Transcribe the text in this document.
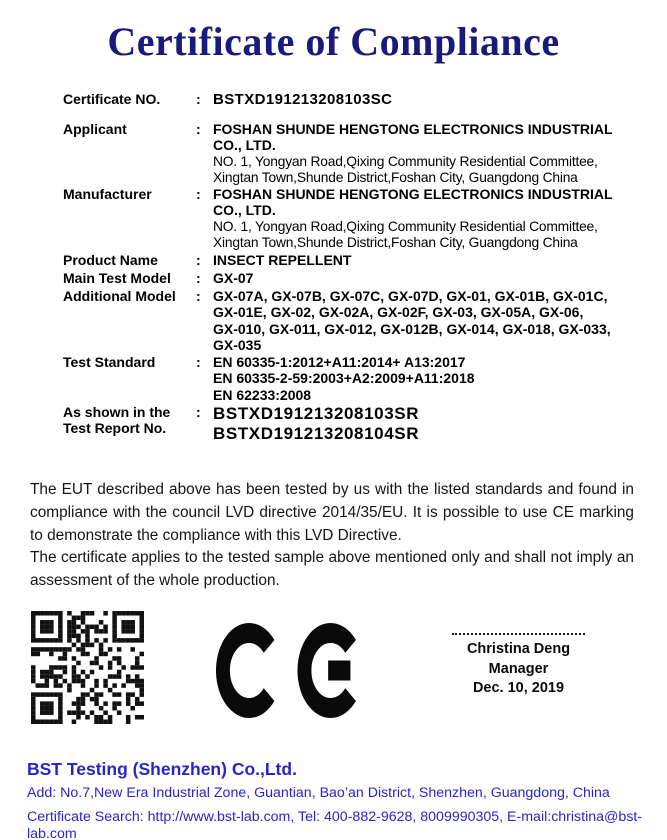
Certificate of Compliance
Certificate NO.	: BSTXD191213208103SC
Applicant	: FOSHAN SHUNDE HENGTONG ELECTRONICS INDUSTRIAL
CO., LTD.
NO. 1, Yongyan Road,Qixing Community Residential Committee,
Xingtan Town,Shunde District,Foshan City, Guangdong China
Manufacturer	: FOSHAN SHUNDE HENGTONG ELECTRONICS INDUSTRIAL
CO., LTD.
NO. 1, Yongyan Road,Qixing Community Residential Committee,
Xingtan Town,Shunde District,Foshan City, Guangdong China
Product Name	: INSECT REPELLENT
Main Test Model	: GX-07
Additional Model	: GX-07A, GX-07B, GX-07C, GX-07D, GX-01, GX-01B, GX-01C,
GX-01E, GX-02, GX-02A, GX-02F, GX-03, GX-05A, GX-06,
GX-010, GX-011, GX-012, GX-012B, GX-014, GX-018, GX-033,
GX-035
Test Standard	: EN 60335-1:2012+A11:2014+ A13:2017
EN 60335-2-59:2003+A2:2009+A11:2018
EN 62233:2008
As shown in the
Test Report No.
: BSTXD191213208103SR
BSTXD191213208104SR

The EUT described above has been tested by us with the listed standards and found in compliance with the council LVD directive 2014/35/EU. It is possible to use CE marking to demonstrate the compliance with this LVD Directive.

The certificate applies to the tested sample above mentioned only and shall not imply an assessment of the whole production.

Christina Deng
Manager
Dec. 10, 2019
BST Testing (Shenzhen) Co.,Ltd.
Add: No.7,New Era Industrial Zone, Guantian, Bao’an District, Shenzhen, Guangdong, China
Certificate Search: http://www.bst-lab.com, Tel: 400-882-9628, 8009990305, E-mail:christina@bst-lab.com
